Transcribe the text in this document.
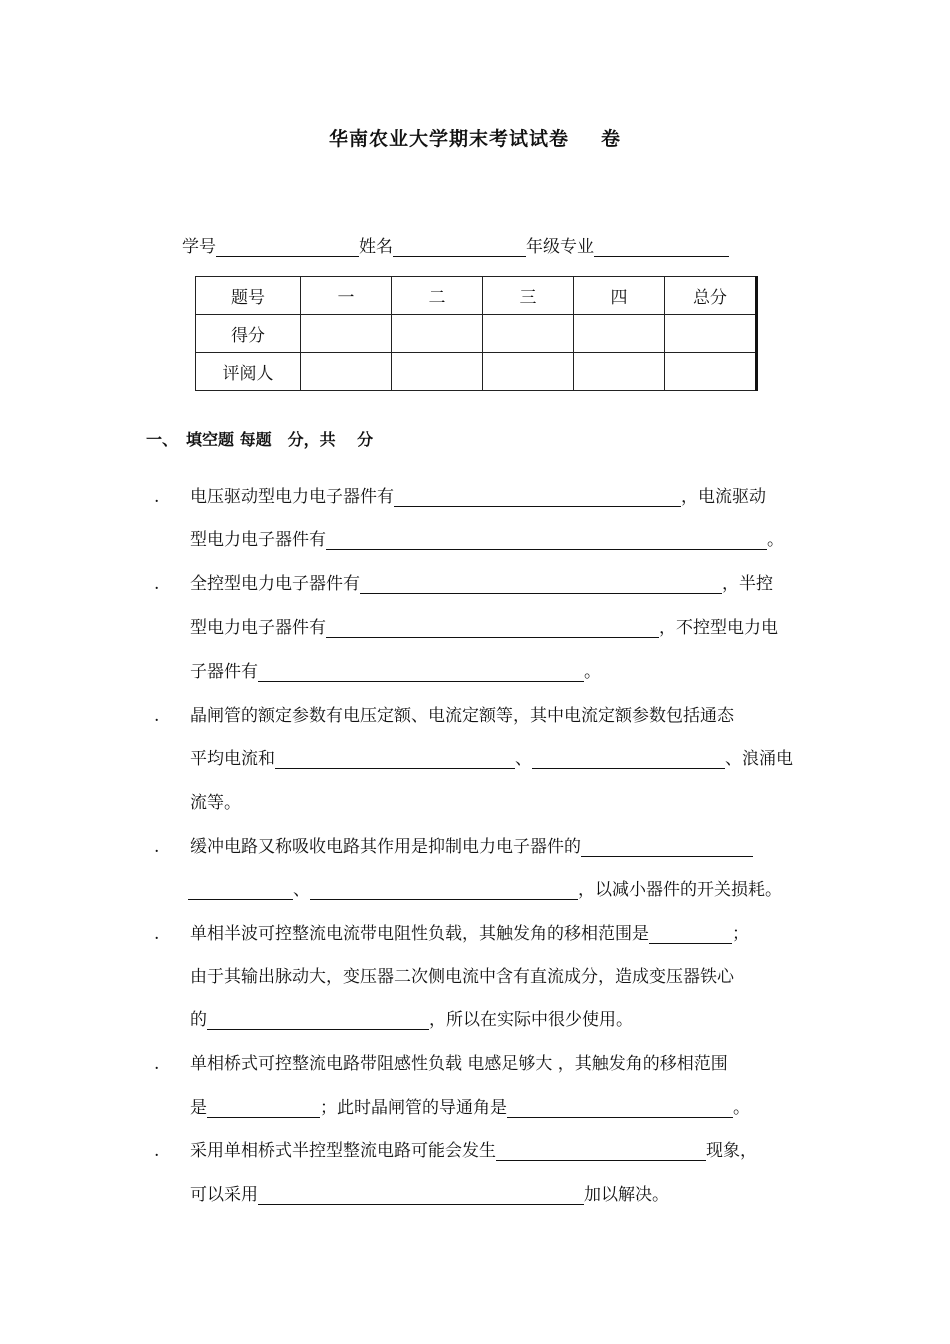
华南农业大学期末考试试卷 卷
学号	姓名	年级专业
题号	一	二	三	四	总分
得分					
评阅人					
一、　填空题 每题　分，共　 分
. 电压驱动型电力电子器件有	，电流驱动
型电力电子器件有	。
. 全控型电力电子器件有	，半控
型电力电子器件有	，不控型电力电
子器件有	。
. 晶闸管的额定参数有电压定额、电流定额等，其中电流定额参数包括通态
平均电流和	、	、浪涌电
流等。
. 缓冲电路又称吸收电路其作用是抑制电力电子器件的
、	，以减小器件的开关损耗。
. 单相半波可控整流电流带电阻性负载，其触发角的移相范围是	；
由于其输出脉动大，变压器二次侧电流中含有直流成分，造成变压器铁心
的	，所以在实际中很少使用。
. 单相桥式可控整流电路带阻感性负载 电感足够大 ，其触发角的移相范围
是	；此时晶闸管的导通角是	。
. 采用单相桥式半控型整流电路可能会发生	现象，
可以采用	加以解决。
